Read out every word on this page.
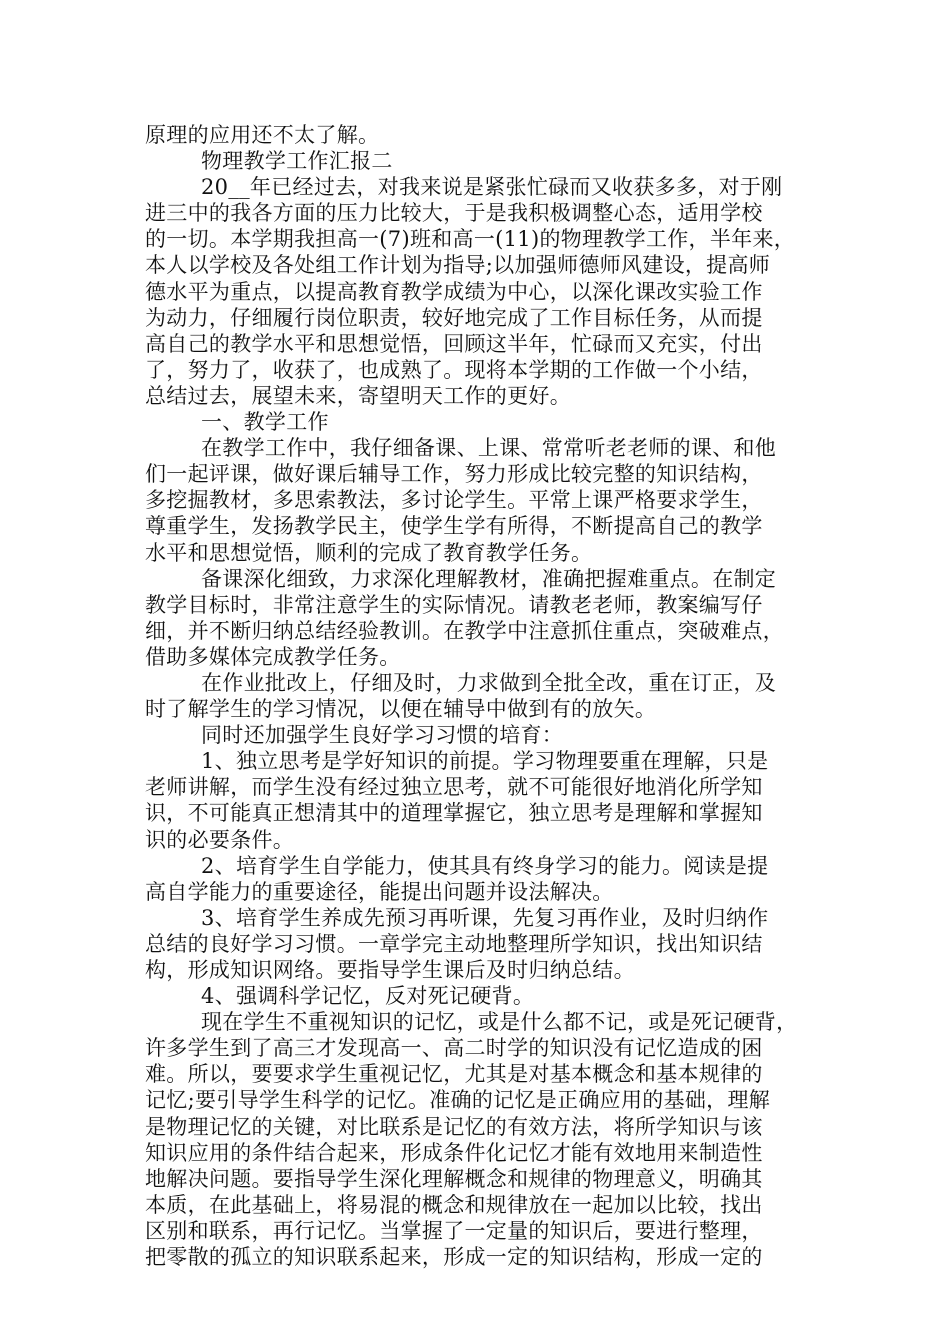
原理的应用还不太了解。
物理教学工作汇报二
20__年已经过去，对我来说是紧张忙碌而又收获多多，对于刚
进三中的我各方面的压力比较大，于是我积极调整心态，适用学校
的一切。本学期我担高一(7)班和高一(11)的物理教学工作，半年来，
本人以学校及各处组工作计划为指导;以加强师德师风建设，提高师
德水平为重点，以提高教育教学成绩为中心，以深化课改实验工作
为动力，仔细履行岗位职责，较好地完成了工作目标任务，从而提
高自己的教学水平和思想觉悟，回顾这半年，忙碌而又充实，付出
了，努力了，收获了，也成熟了。现将本学期的工作做一个小结，
总结过去，展望未来，寄望明天工作的更好。
一、教学工作
在教学工作中，我仔细备课、上课、常常听老老师的课、和他
们一起评课，做好课后辅导工作，努力形成比较完整的知识结构，
多挖掘教材，多思索教法，多讨论学生。平常上课严格要求学生，
尊重学生，发扬教学民主，使学生学有所得，不断提高自己的教学
水平和思想觉悟，顺利的完成了教育教学任务。
备课深化细致，力求深化理解教材，准确把握难重点。在制定
教学目标时，非常注意学生的实际情况。请教老老师，教案编写仔
细，并不断归纳总结经验教训。在教学中注意抓住重点，突破难点，
借助多媒体完成教学任务。
在作业批改上，仔细及时，力求做到全批全改，重在订正，及
时了解学生的学习情况，以便在辅导中做到有的放矢。
同时还加强学生良好学习习惯的培育：
1、独立思考是学好知识的前提。学习物理要重在理解，只是
老师讲解，而学生没有经过独立思考，就不可能很好地消化所学知
识，不可能真正想清其中的道理掌握它，独立思考是理解和掌握知
识的必要条件。
2、培育学生自学能力，使其具有终身学习的能力。阅读是提
高自学能力的重要途径，能提出问题并设法解决。
3、培育学生养成先预习再听课，先复习再作业，及时归纳作
总结的良好学习习惯。一章学完主动地整理所学知识，找出知识结
构，形成知识网络。要指导学生课后及时归纳总结。
4、强调科学记忆，反对死记硬背。
现在学生不重视知识的记忆，或是什么都不记，或是死记硬背，
许多学生到了高三才发现高一、高二时学的知识没有记忆造成的困
难。所以，要要求学生重视记忆，尤其是对基本概念和基本规律的
记忆;要引导学生科学的记忆。准确的记忆是正确应用的基础，理解
是物理记忆的关键，对比联系是记忆的有效方法，将所学知识与该
知识应用的条件结合起来，形成条件化记忆才能有效地用来制造性
地解决问题。要指导学生深化理解概念和规律的物理意义，明确其
本质，在此基础上，将易混的概念和规律放在一起加以比较，找出
区别和联系，再行记忆。当掌握了一定量的知识后，要进行整理，
把零散的孤立的知识联系起来，形成一定的知识结构，形成一定的
